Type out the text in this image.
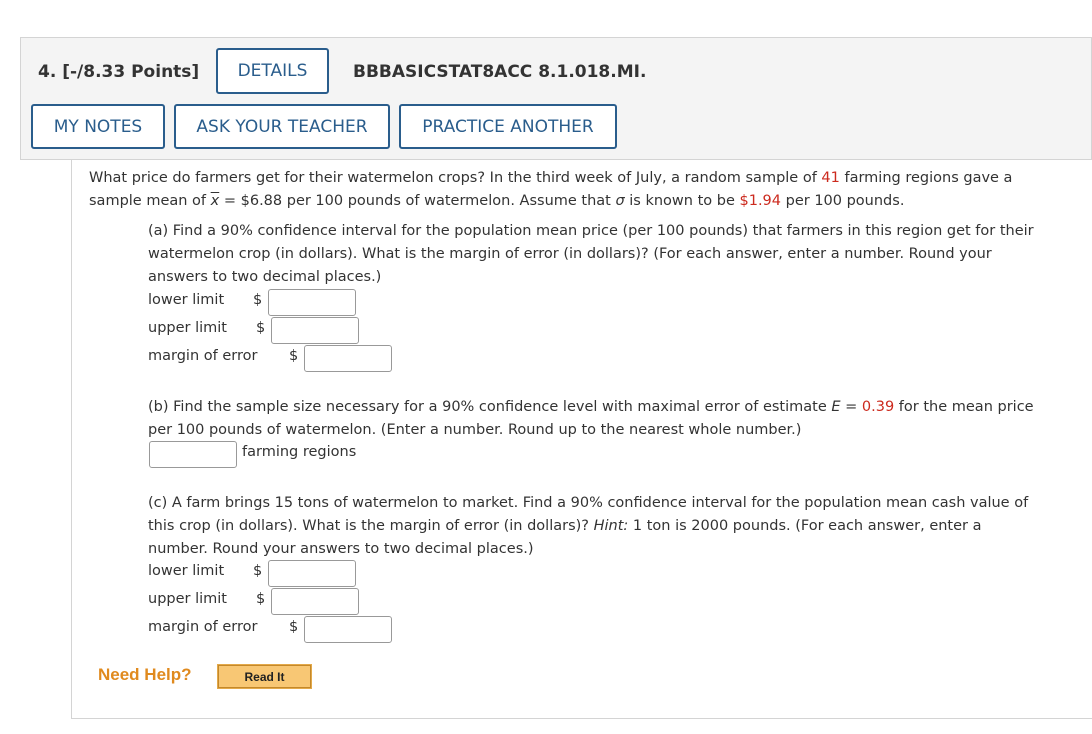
4. [-/8.33 Points]	DETAILS	BBBASICSTAT8ACC 8.1.018.MI.
MY NOTES	ASK YOUR TEACHER	PRACTICE ANOTHER
What price do farmers get for their watermelon crops? In the third week of July, a random sample of 41 farming regions gave a
sample mean of $\overline{x}$ = $6.88 per 100 pounds of watermelon. Assume that σ is known to be $1.94 per 100 pounds.
(a) Find a 90% confidence interval for the population mean price (per 100 pounds) that farmers in this region get for their
watermelon crop (in dollars). What is the margin of error (in dollars)? (For each answer, enter a number. Round your
answers to two decimal places.)
lower limit $
upper limit $
margin of error $
(b) Find the sample size necessary for a 90% confidence level with maximal error of estimate E = 0.39 for the mean price
per 100 pounds of watermelon. (Enter a number. Round up to the nearest whole number.)
farming regions
(c) A farm brings 15 tons of watermelon to market. Find a 90% confidence interval for the population mean cash value of
this crop (in dollars). What is the margin of error (in dollars)? Hint: 1 ton is 2000 pounds. (For each answer, enter a
number. Round your answers to two decimal places.)
lower limit $
upper limit $
margin of error $
Need Help?	Read It
